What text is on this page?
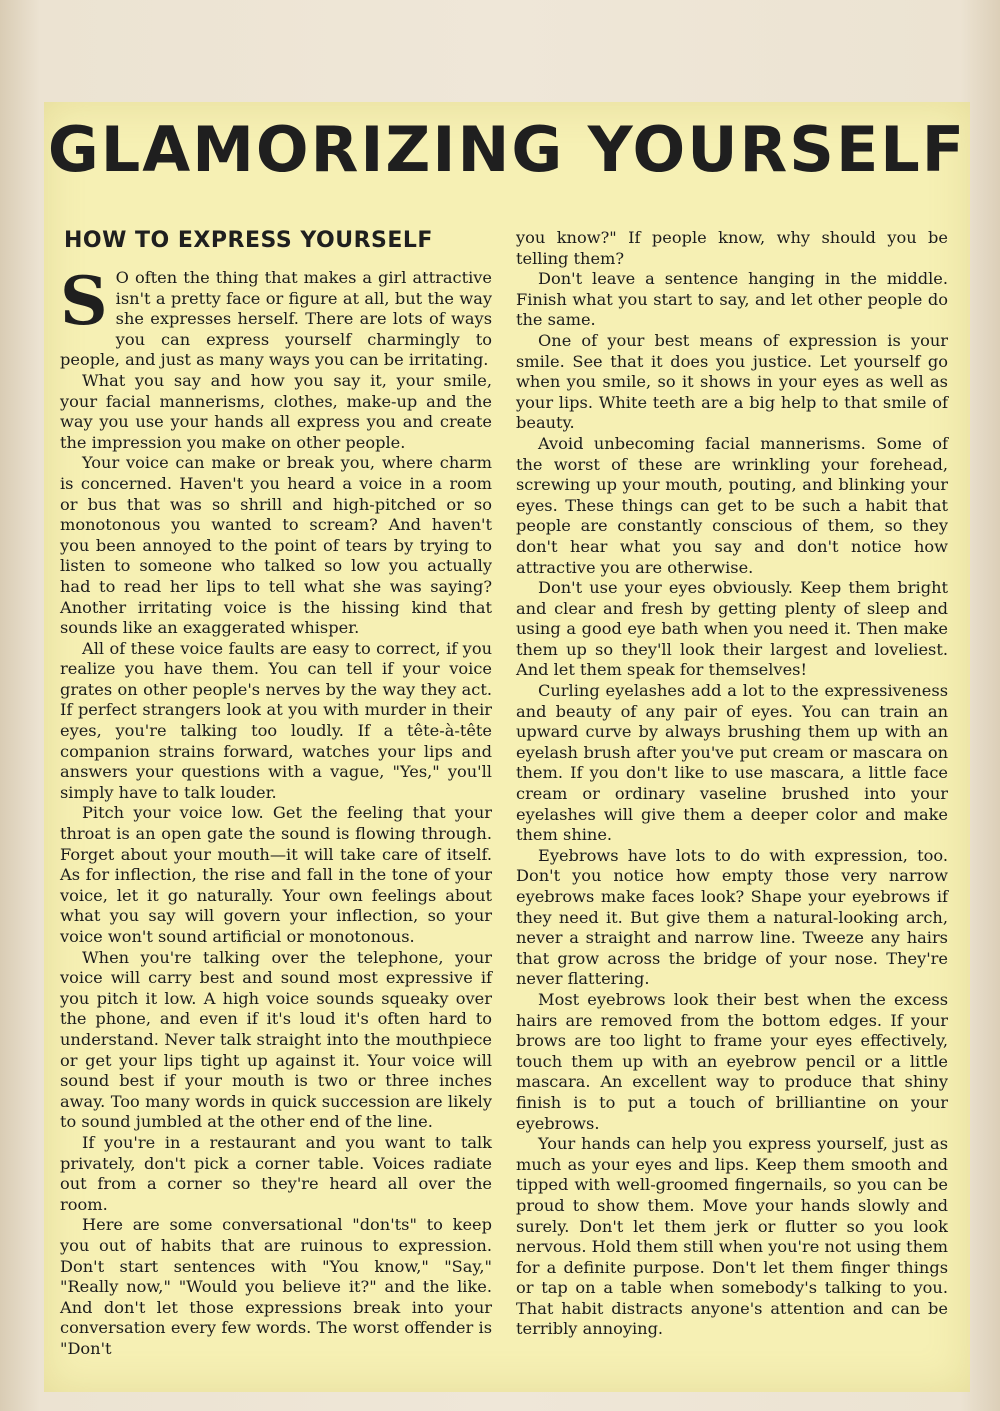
GLAMORIZING YOURSELF
HOW TO EXPRESS YOURSELF

S O often the thing that makes a girl attractive isn't a pretty face or figure at all, but the way she expresses herself. There are lots of ways you can express yourself charmingly to people, and just as many ways you can be irritating.

What you say and how you say it, your smile, your facial mannerisms, clothes, make-up and the way you use your hands all express you and create the impression you make on other people.

Your voice can make or break you, where charm is concerned. Haven't you heard a voice in a room or bus that was so shrill and high-pitched or so monotonous you wanted to scream? And haven't you been annoyed to the point of tears by trying to listen to someone who talked so low you actually had to read her lips to tell what she was saying? Another irritating voice is the hissing kind that sounds like an exaggerated whisper.

All of these voice faults are easy to correct, if you realize you have them. You can tell if your voice grates on other people's nerves by the way they act. If perfect strangers look at you with murder in their eyes, you're talking too loudly. If a tête-à-tête companion strains forward, watches your lips and answers your questions with a vague, "Yes," you'll simply have to talk louder.

Pitch your voice low. Get the feeling that your throat is an open gate the sound is flowing through. Forget about your mouth—it will take care of itself. As for inflection, the rise and fall in the tone of your voice, let it go naturally. Your own feelings about what you say will govern your inflection, so your voice won't sound artificial or monotonous.

When you're talking over the telephone, your voice will carry best and sound most expressive if you pitch it low. A high voice sounds squeaky over the phone, and even if it's loud it's often hard to understand. Never talk straight into the mouthpiece or get your lips tight up against it. Your voice will sound best if your mouth is two or three inches away. Too many words in quick succession are likely to sound jumbled at the other end of the line.

If you're in a restaurant and you want to talk privately, don't pick a corner table. Voices radiate out from a corner so they're heard all over the room.

Here are some conversational "don'ts" to keep you out of habits that are ruinous to expression. Don't start sentences with "You know," "Say," "Really now," "Would you believe it?" and the like. And don't let those expressions break into your conversation every few words. The worst offender is "Don't

you know?" If people know, why should you be telling them?

Don't leave a sentence hanging in the middle. Finish what you start to say, and let other people do the same.

One of your best means of expression is your smile. See that it does you justice. Let yourself go when you smile, so it shows in your eyes as well as your lips. White teeth are a big help to that smile of beauty.

Avoid unbecoming facial mannerisms. Some of the worst of these are wrinkling your forehead, screwing up your mouth, pouting, and blinking your eyes. These things can get to be such a habit that people are constantly conscious of them, so they don't hear what you say and don't notice how attractive you are otherwise.

Don't use your eyes obviously. Keep them bright and clear and fresh by getting plenty of sleep and using a good eye bath when you need it. Then make them up so they'll look their largest and loveliest. And let them speak for themselves!

Curling eyelashes add a lot to the expressiveness and beauty of any pair of eyes. You can train an upward curve by always brushing them up with an eyelash brush after you've put cream or mascara on them. If you don't like to use mascara, a little face cream or ordinary vaseline brushed into your eyelashes will give them a deeper color and make them shine.

Eyebrows have lots to do with expression, too. Don't you notice how empty those very narrow eyebrows make faces look? Shape your eyebrows if they need it. But give them a natural-looking arch, never a straight and narrow line. Tweeze any hairs that grow across the bridge of your nose. They're never flattering.

Most eyebrows look their best when the excess hairs are removed from the bottom edges. If your brows are too light to frame your eyes effectively, touch them up with an eyebrow pencil or a little mascara. An excellent way to produce that shiny finish is to put a touch of brilliantine on your eyebrows.

Your hands can help you express yourself, just as much as your eyes and lips. Keep them smooth and tipped with well-groomed fingernails, so you can be proud to show them. Move your hands slowly and surely. Don't let them jerk or flutter so you look nervous. Hold them still when you're not using them for a definite purpose. Don't let them finger things or tap on a table when somebody's talking to you. That habit distracts anyone's attention and can be terribly annoying.
